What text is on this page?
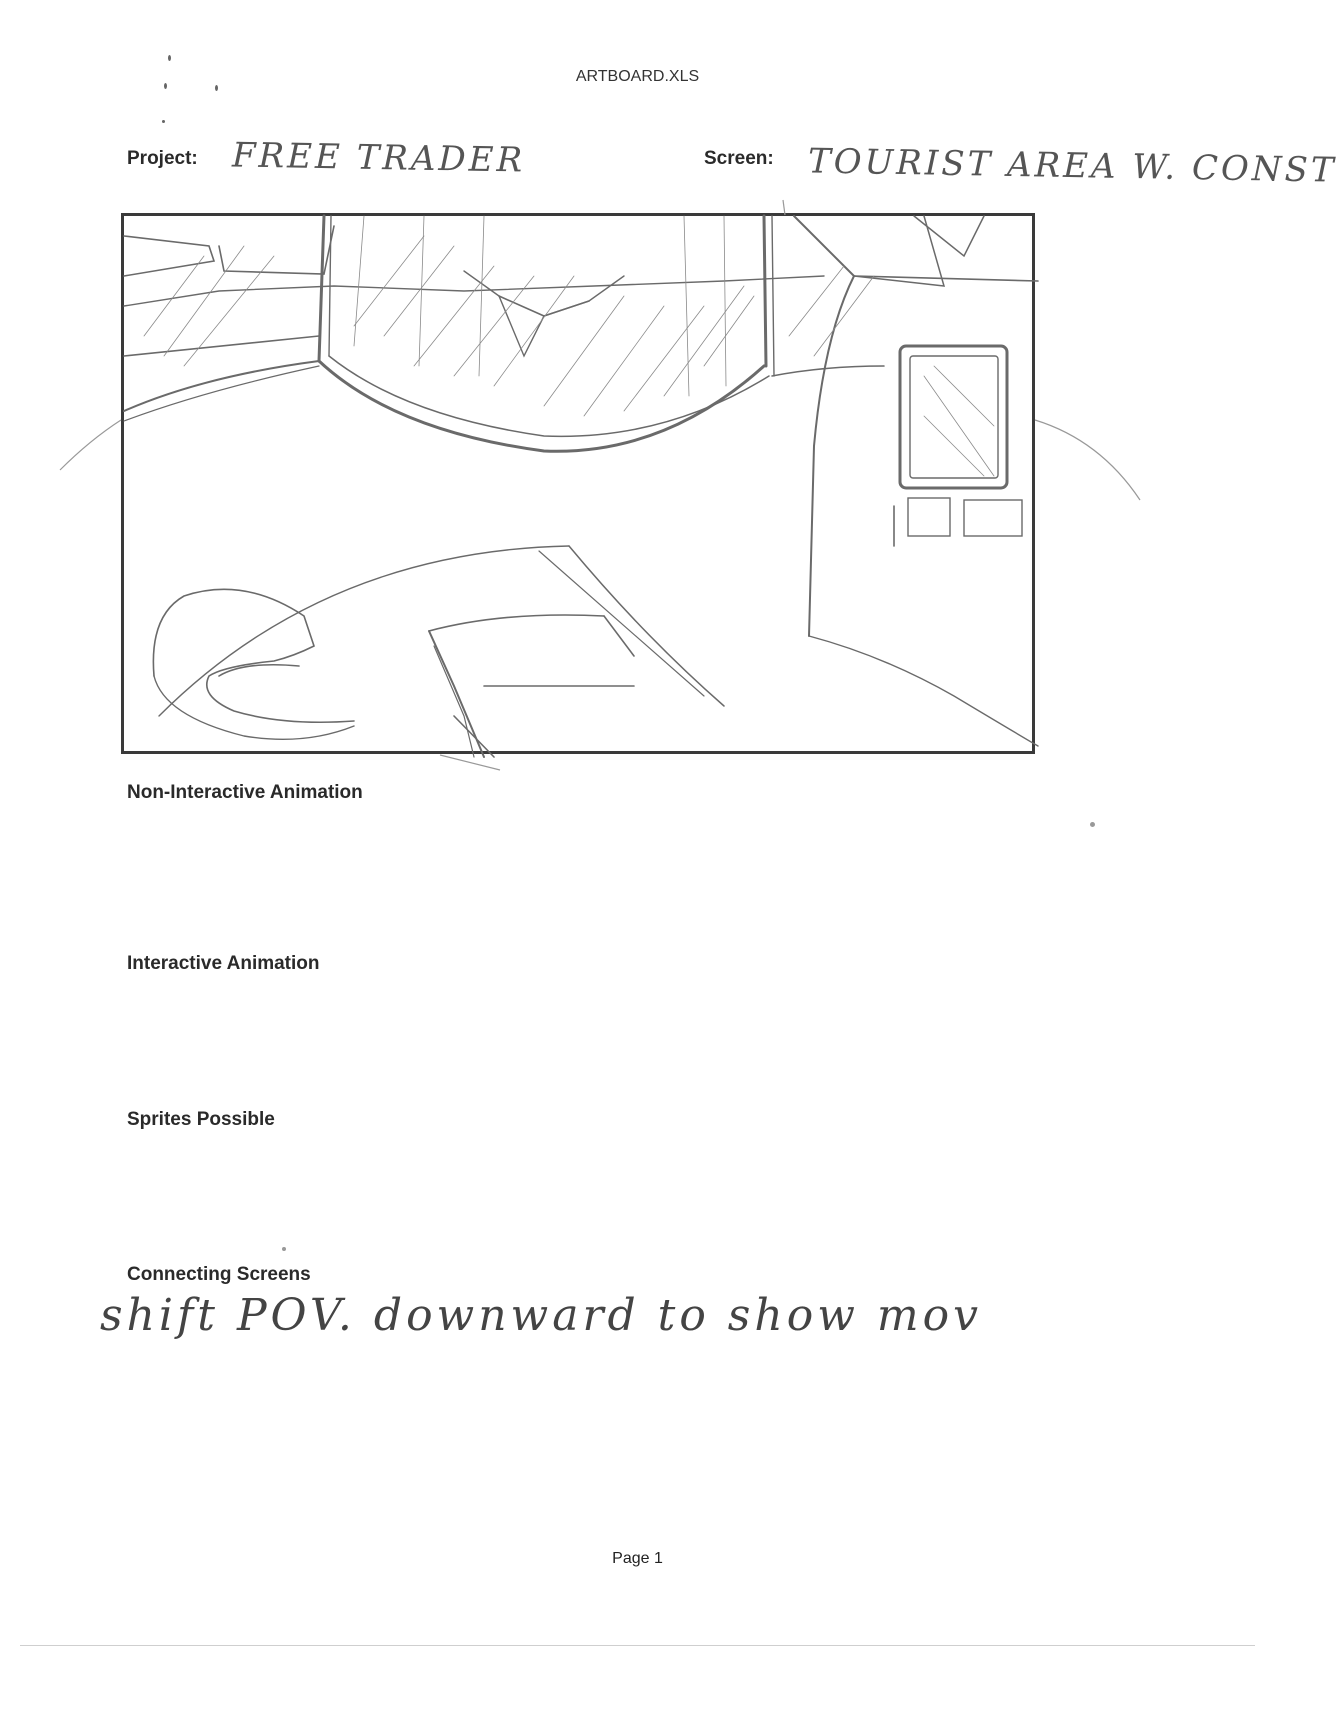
ARTBOARD.XLS
Project: FREE TRADER	Screen: TOURIST AREA W. CONST
Non-Interactive Animation
Interactive Animation
Sprites Possible
Connecting Screens
shift POV. downward to show mov
Page 1
